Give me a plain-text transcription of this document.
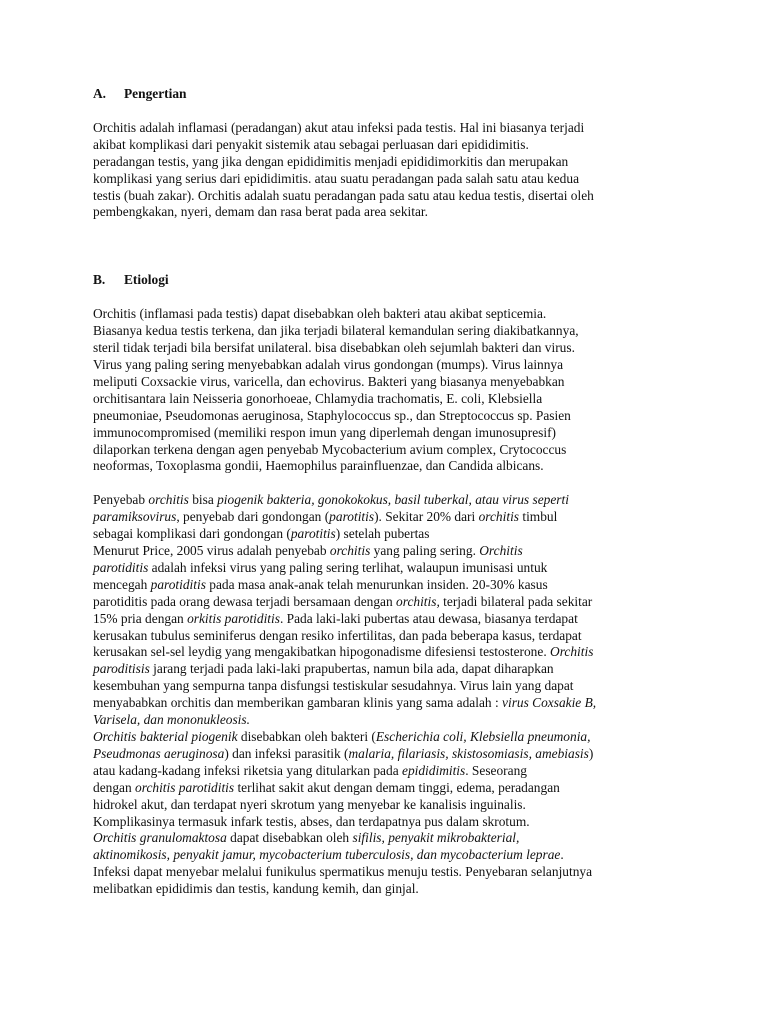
A. Pengertian
Orchitis adalah inflamasi (peradangan) akut atau infeksi pada testis. Hal ini biasanya terjadi
akibat komplikasi dari penyakit sistemik atau sebagai perluasan dari epididimitis.
peradangan testis, yang jika dengan epididimitis menjadi epididimorkitis dan merupakan
komplikasi yang serius dari epididimitis. atau suatu peradangan pada salah satu atau kedua
testis (buah zakar). Orchitis adalah suatu peradangan pada satu atau kedua testis, disertai oleh
pembengkakan, nyeri, demam dan rasa berat pada area sekitar.
B. Etiologi
Orchitis (inflamasi pada testis) dapat disebabkan oleh bakteri atau akibat septicemia.
Biasanya kedua testis terkena, dan jika terjadi bilateral kemandulan sering diakibatkannya,
steril tidak terjadi bila bersifat unilateral. bisa disebabkan oleh sejumlah bakteri dan virus.
Virus yang paling sering menyebabkan adalah virus gondongan (mumps). Virus lainnya
meliputi Coxsackie virus, varicella, dan echovirus. Bakteri yang biasanya menyebabkan
orchitisantara lain Neisseria gonorhoeae, Chlamydia trachomatis, E. coli, Klebsiella
pneumoniae, Pseudomonas aeruginosa, Staphylococcus sp., dan Streptococcus sp. Pasien
immunocompromised (memiliki respon imun yang diperlemah dengan imunosupresif)
dilaporkan terkena dengan agen penyebab Mycobacterium avium complex, Crytococcus
neoformas, Toxoplasma gondii, Haemophilus parainfluenzae, dan Candida albicans.
Penyebab orchitis bisa piogenik bakteria, gonokokokus, basil tuberkal, atau virus seperti
paramiksovirus, penyebab dari gondongan (parotitis). Sekitar 20% dari orchitis timbul
sebagai komplikasi dari gondongan (parotitis) setelah pubertas
Menurut Price, 2005 virus adalah penyebab orchitis yang paling sering. Orchitis
parotiditis adalah infeksi virus yang paling sering terlihat, walaupun imunisasi untuk
mencegah parotiditis pada masa anak-anak telah menurunkan insiden. 20-30% kasus
parotiditis pada orang dewasa terjadi bersamaan dengan orchitis, terjadi bilateral pada sekitar
15% pria dengan orkitis parotiditis. Pada laki-laki pubertas atau dewasa, biasanya terdapat
kerusakan tubulus seminiferus dengan resiko infertilitas, dan pada beberapa kasus, terdapat
kerusakan sel-sel leydig yang mengakibatkan hipogonadisme difesiensi testosterone. Orchitis
paroditisis jarang terjadi pada laki-laki prapubertas, namun bila ada, dapat diharapkan
kesembuhan yang sempurna tanpa disfungsi testiskular sesudahnya. Virus lain yang dapat
menyababkan orchitis dan memberikan gambaran klinis yang sama adalah : virus Coxsakie B,
Varisela, dan mononukleosis.
Orchitis bakterial piogenik disebabkan oleh bakteri (Escherichia coli, Klebsiella pneumonia,
Pseudmonas aeruginosa) dan infeksi parasitik (malaria, filariasis, skistosomiasis, amebiasis)
atau kadang-kadang infeksi riketsia yang ditularkan pada epididimitis. Seseorang
dengan orchitis parotiditis terlihat sakit akut dengan demam tinggi, edema, peradangan
hidrokel akut, dan terdapat nyeri skrotum yang menyebar ke kanalisis inguinalis.
Komplikasinya termasuk infark testis, abses, dan terdapatnya pus dalam skrotum.
Orchitis granulomaktosa dapat disebabkan oleh sifilis, penyakit mikrobakterial,
aktinomikosis, penyakit jamur, mycobacterium tuberculosis, dan mycobacterium leprae.
Infeksi dapat menyebar melalui funikulus spermatikus menuju testis. Penyebaran selanjutnya
melibatkan epididimis dan testis, kandung kemih, dan ginjal.
